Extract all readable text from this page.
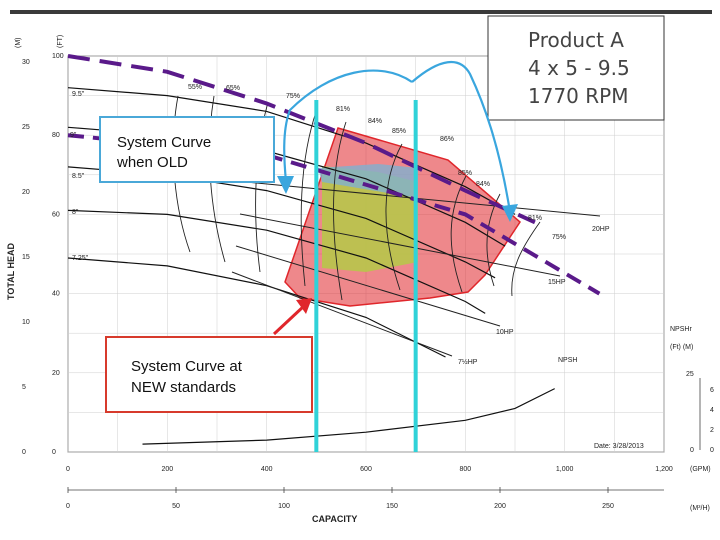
9.5"
9"
8.5"
8"
7.25"
55%	65%
75%
81%
84%
85%
86%
85%
84%
81%
75%
20HP
15HP
10HP
7½HP	NPSH
100
80
60
40
20
0
30
25
20
15
10
5
0
(M)	(FT)
TOTAL HEAD
0	200	400	600	800	1,000	1,200
0	50	100	150	200	250
(GPM)
(M³/H)
CAPACITY
NPSHr
(Ft) (M)
25
0
6
4
2
0
Date: 3/28/2013
Product A
4 x 5 - 9.5
1770 RPM
System Curve
when OLD
System Curve at
NEW standards
